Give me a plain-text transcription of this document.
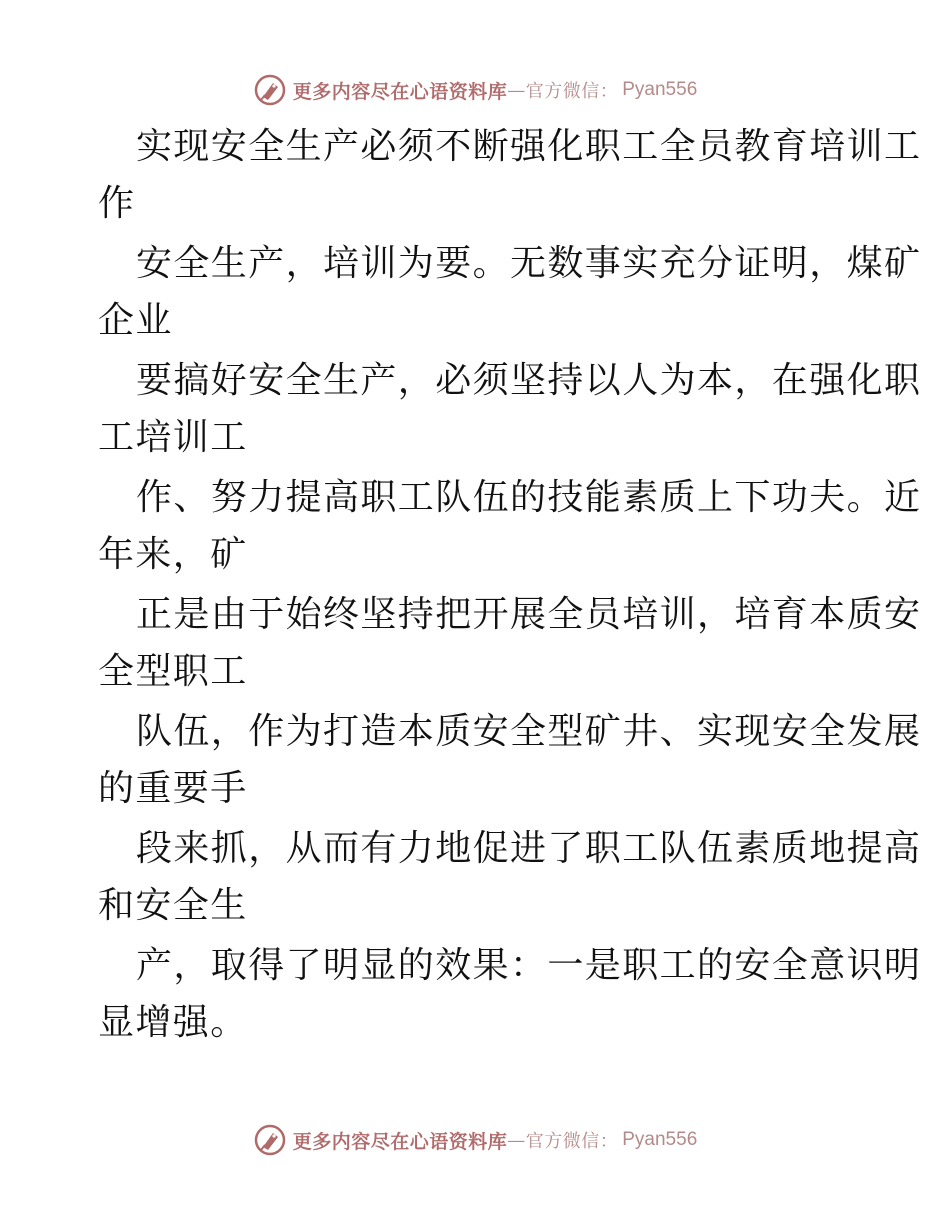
更多内容尽在心语资料库 — 官方微信： Pyan556
实现安全生产必须不断强化职工全员教育培训工
作
安全生产，培训为要。无数事实充分证明，煤矿
企业
要搞好安全生产，必须坚持以人为本，在强化职
工培训工
作、努力提高职工队伍的技能素质上下功夫。近
年来，矿
正是由于始终坚持把开展全员培训，培育本质安
全型职工
队伍，作为打造本质安全型矿井、实现安全发展
的重要手
段来抓，从而有力地促进了职工队伍素质地提高
和安全生
产，取得了明显的效果：一是职工的安全意识明
显增强。
更多内容尽在心语资料库 — 官方微信： Pyan556
